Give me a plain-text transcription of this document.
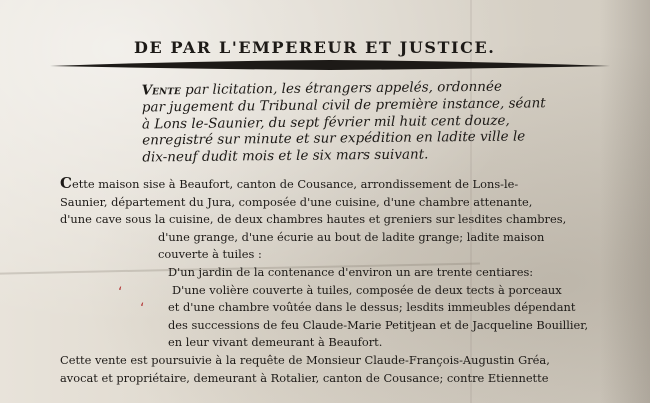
DE PAR L'EMPEREUR ET JUSTICE.
Vente par licitation, les étrangers appelés, ordonnée
par jugement du Tribunal civil de première instance, séant
à Lons le-Saunier, du sept février mil huit cent douze,
enregistré sur minute et sur expédition en ladite ville le
dix-neuf dudit mois et le six mars suivant.
Cette maison sise à Beaufort, canton de Cousance, arrondissement de Lons-le-
Saunier, département du Jura, composée d'une cuisine, d'une chambre attenante,
d'une cave sous la cuisine, de deux chambres hautes et greniers sur lesdites chambres,
d'une grange, d'une écurie au bout de ladite grange; ladite maison
couverte à tuiles :
D'un jardin de la contenance d'environ un are trente centiares:
D'une volière couverte à tuiles, composée de deux tects à porceaux
et d'une chambre voûtée dans le dessus; lesdits immeubles dépendant
des successions de feu Claude-Marie Petitjean et de Jacqueline Bouillier,
en leur vivant demeurant à Beaufort.
Cette vente est poursuivie à la requête de Monsieur Claude-François-Augustin Gréa,
avocat et propriétaire, demeurant à Rotalier, canton de Cousance; contre Etiennette
‘
‘
